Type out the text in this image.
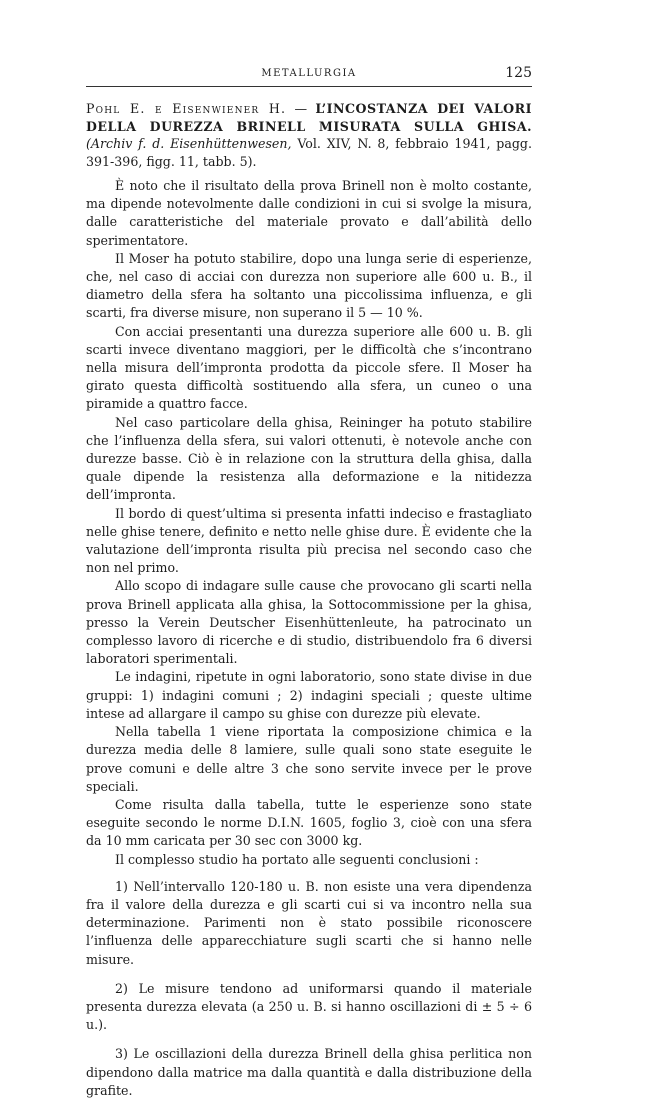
METALLURGIA	125
Pohl E. e Eisenwiener H. — L’INCOSTANZA DEI VALORI DELLA DUREZZA BRINELL MISURATA SULLA GHISA. (Archiv f. d. Eisenhüttenwesen, Vol. XIV, N. 8, febbraio 1941, pagg. 391-396, figg. 11, tabb. 5).

È noto che il risultato della prova Brinell non è molto costante, ma dipende notevolmente dalle condizioni in cui si svolge la misura, dalle caratteristiche del materiale provato e dall’abilità dello sperimentatore.

Il Moser ha potuto stabilire, dopo una lunga serie di esperienze, che, nel caso di acciai con durezza non superiore alle 600 u. B., il diametro della sfera ha soltanto una piccolissima influenza, e gli scarti, fra diverse misure, non superano il 5 — 10 %.

Con acciai presentanti una durezza superiore alle 600 u. B. gli scarti invece diventano maggiori, per le difficoltà che s’incontrano nella misura dell’impronta prodotta da piccole sfere. Il Moser ha girato questa difficoltà sostituendo alla sfera, un cuneo o una piramide a quattro facce.

Nel caso particolare della ghisa, Reininger ha potuto stabilire che l’influenza della sfera, sui valori ottenuti, è notevole anche con durezze basse. Ciò è in relazione con la struttura della ghisa, dalla quale dipende la resistenza alla deformazione e la nitidezza dell’impronta.

Il bordo di quest’ultima si presenta infatti indeciso e frastagliato nelle ghise tenere, definito e netto nelle ghise dure. È evidente che la valutazione dell’impronta risulta più precisa nel secondo caso che non nel primo.

Allo scopo di indagare sulle cause che provocano gli scarti nella prova Brinell applicata alla ghisa, la Sottocommissione per la ghisa, presso la Verein Deutscher Eisenhüttenleute, ha patrocinato un complesso lavoro di ricerche e di studio, distribuendolo fra 6 diversi laboratori sperimentali.

Le indagini, ripetute in ogni laboratorio, sono state divise in due gruppi: 1) indagini comuni ; 2) indagini speciali ; queste ultime intese ad allargare il campo su ghise con durezze più elevate.

Nella tabella 1 viene riportata la composizione chimica e la durezza media delle 8 lamiere, sulle quali sono state eseguite le prove comuni e delle altre 3 che sono servite invece per le prove speciali.

Come risulta dalla tabella, tutte le esperienze sono state eseguite secondo le norme D.I.N. 1605, foglio 3, cioè con una sfera da 10 mm caricata per 30 sec con 3000 kg.

Il complesso studio ha portato alle seguenti conclusioni :

1) Nell’intervallo 120-180 u. B. non esiste una vera dipendenza fra il valore della durezza e gli scarti cui si va incontro nella sua determinazione. Parimenti non è stato possibile riconoscere l’influenza delle apparecchiature sugli scarti che si hanno nelle misure.

2) Le misure tendono ad uniformarsi quando il materiale presenta durezza elevata (a 250 u. B. si hanno oscillazioni di ± 5 ÷ 6 u.).

3) Le oscillazioni della durezza Brinell della ghisa perlitica non dipendono dalla matrice ma dalla quantità e dalla distribuzione della grafite.
